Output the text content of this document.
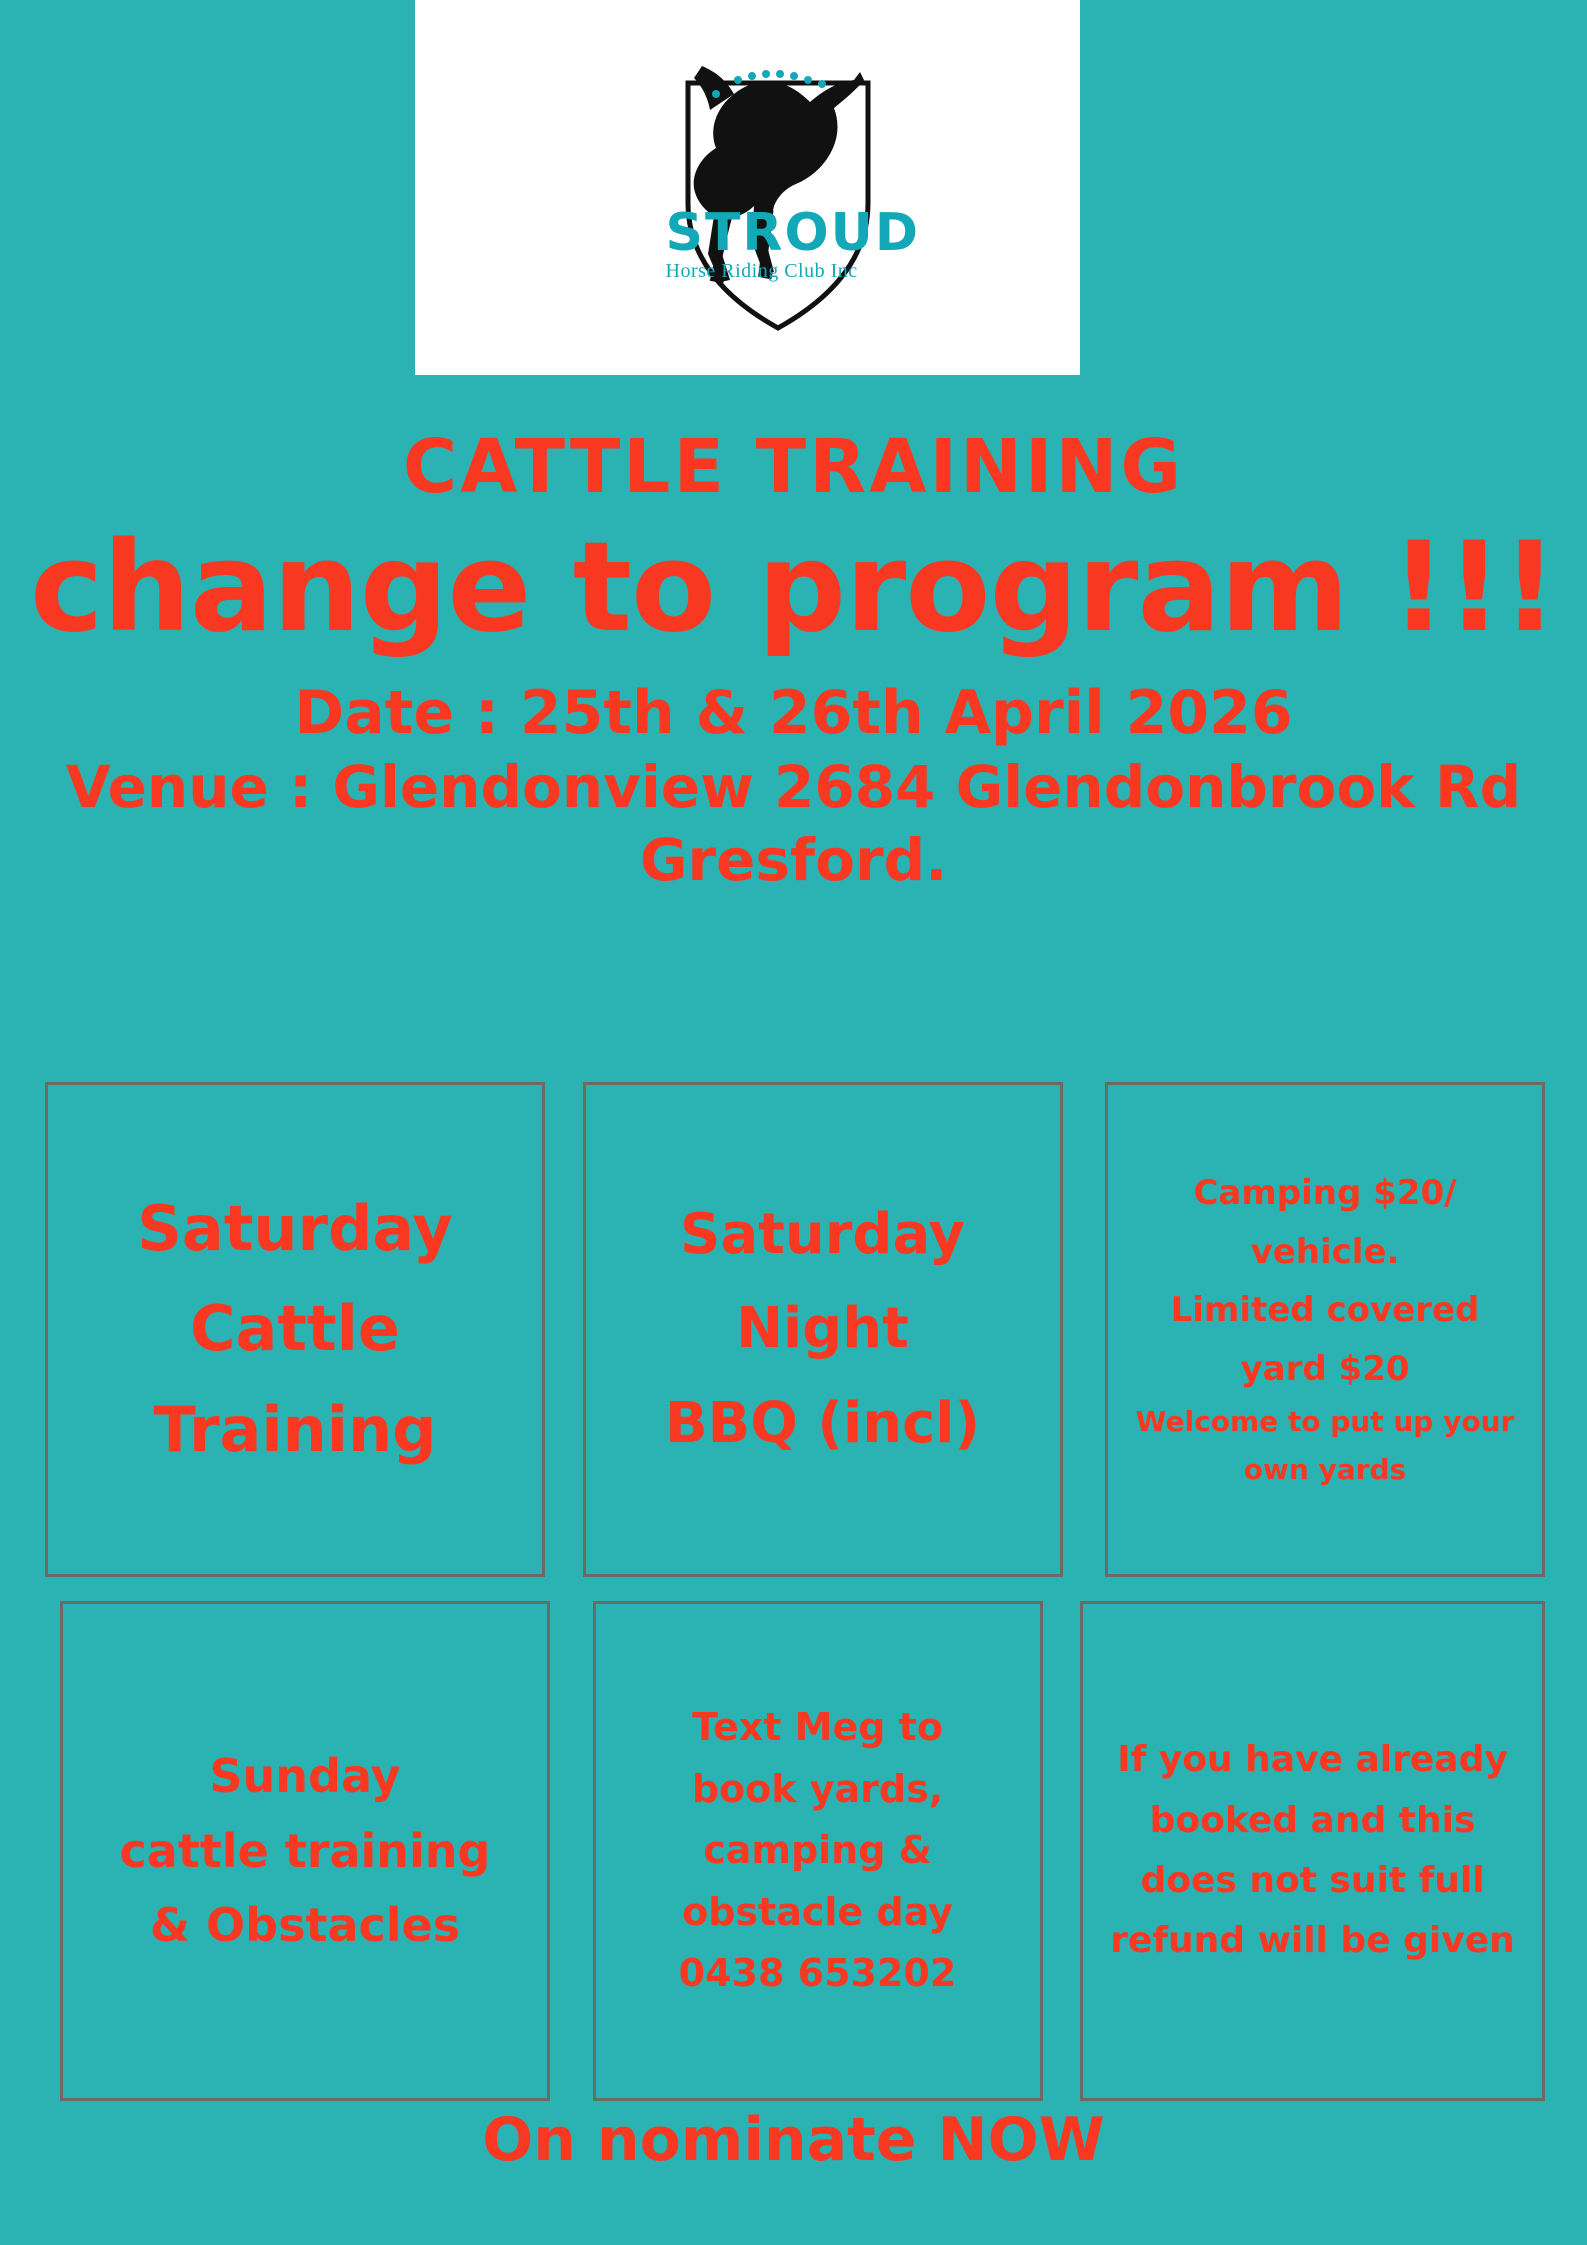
STROUD
Horse Riding Club Inc
CATTLE TRAINING
change to program !!!
Date : 25th & 26th April 2026
Venue : Glendonview 2684 Glendonbrook Rd Gresford.
Saturday
Cattle
Training
Saturday
Night
BBQ (incl)
Camping $20/
vehicle.
Limited covered
yard $20
Welcome to put up your
own yards
Sunday
cattle training
& Obstacles
Text Meg to
book yards,
camping &
obstacle day
0438 653202
If you have already
booked and this
does not suit full
refund will be given
On nominate NOW
